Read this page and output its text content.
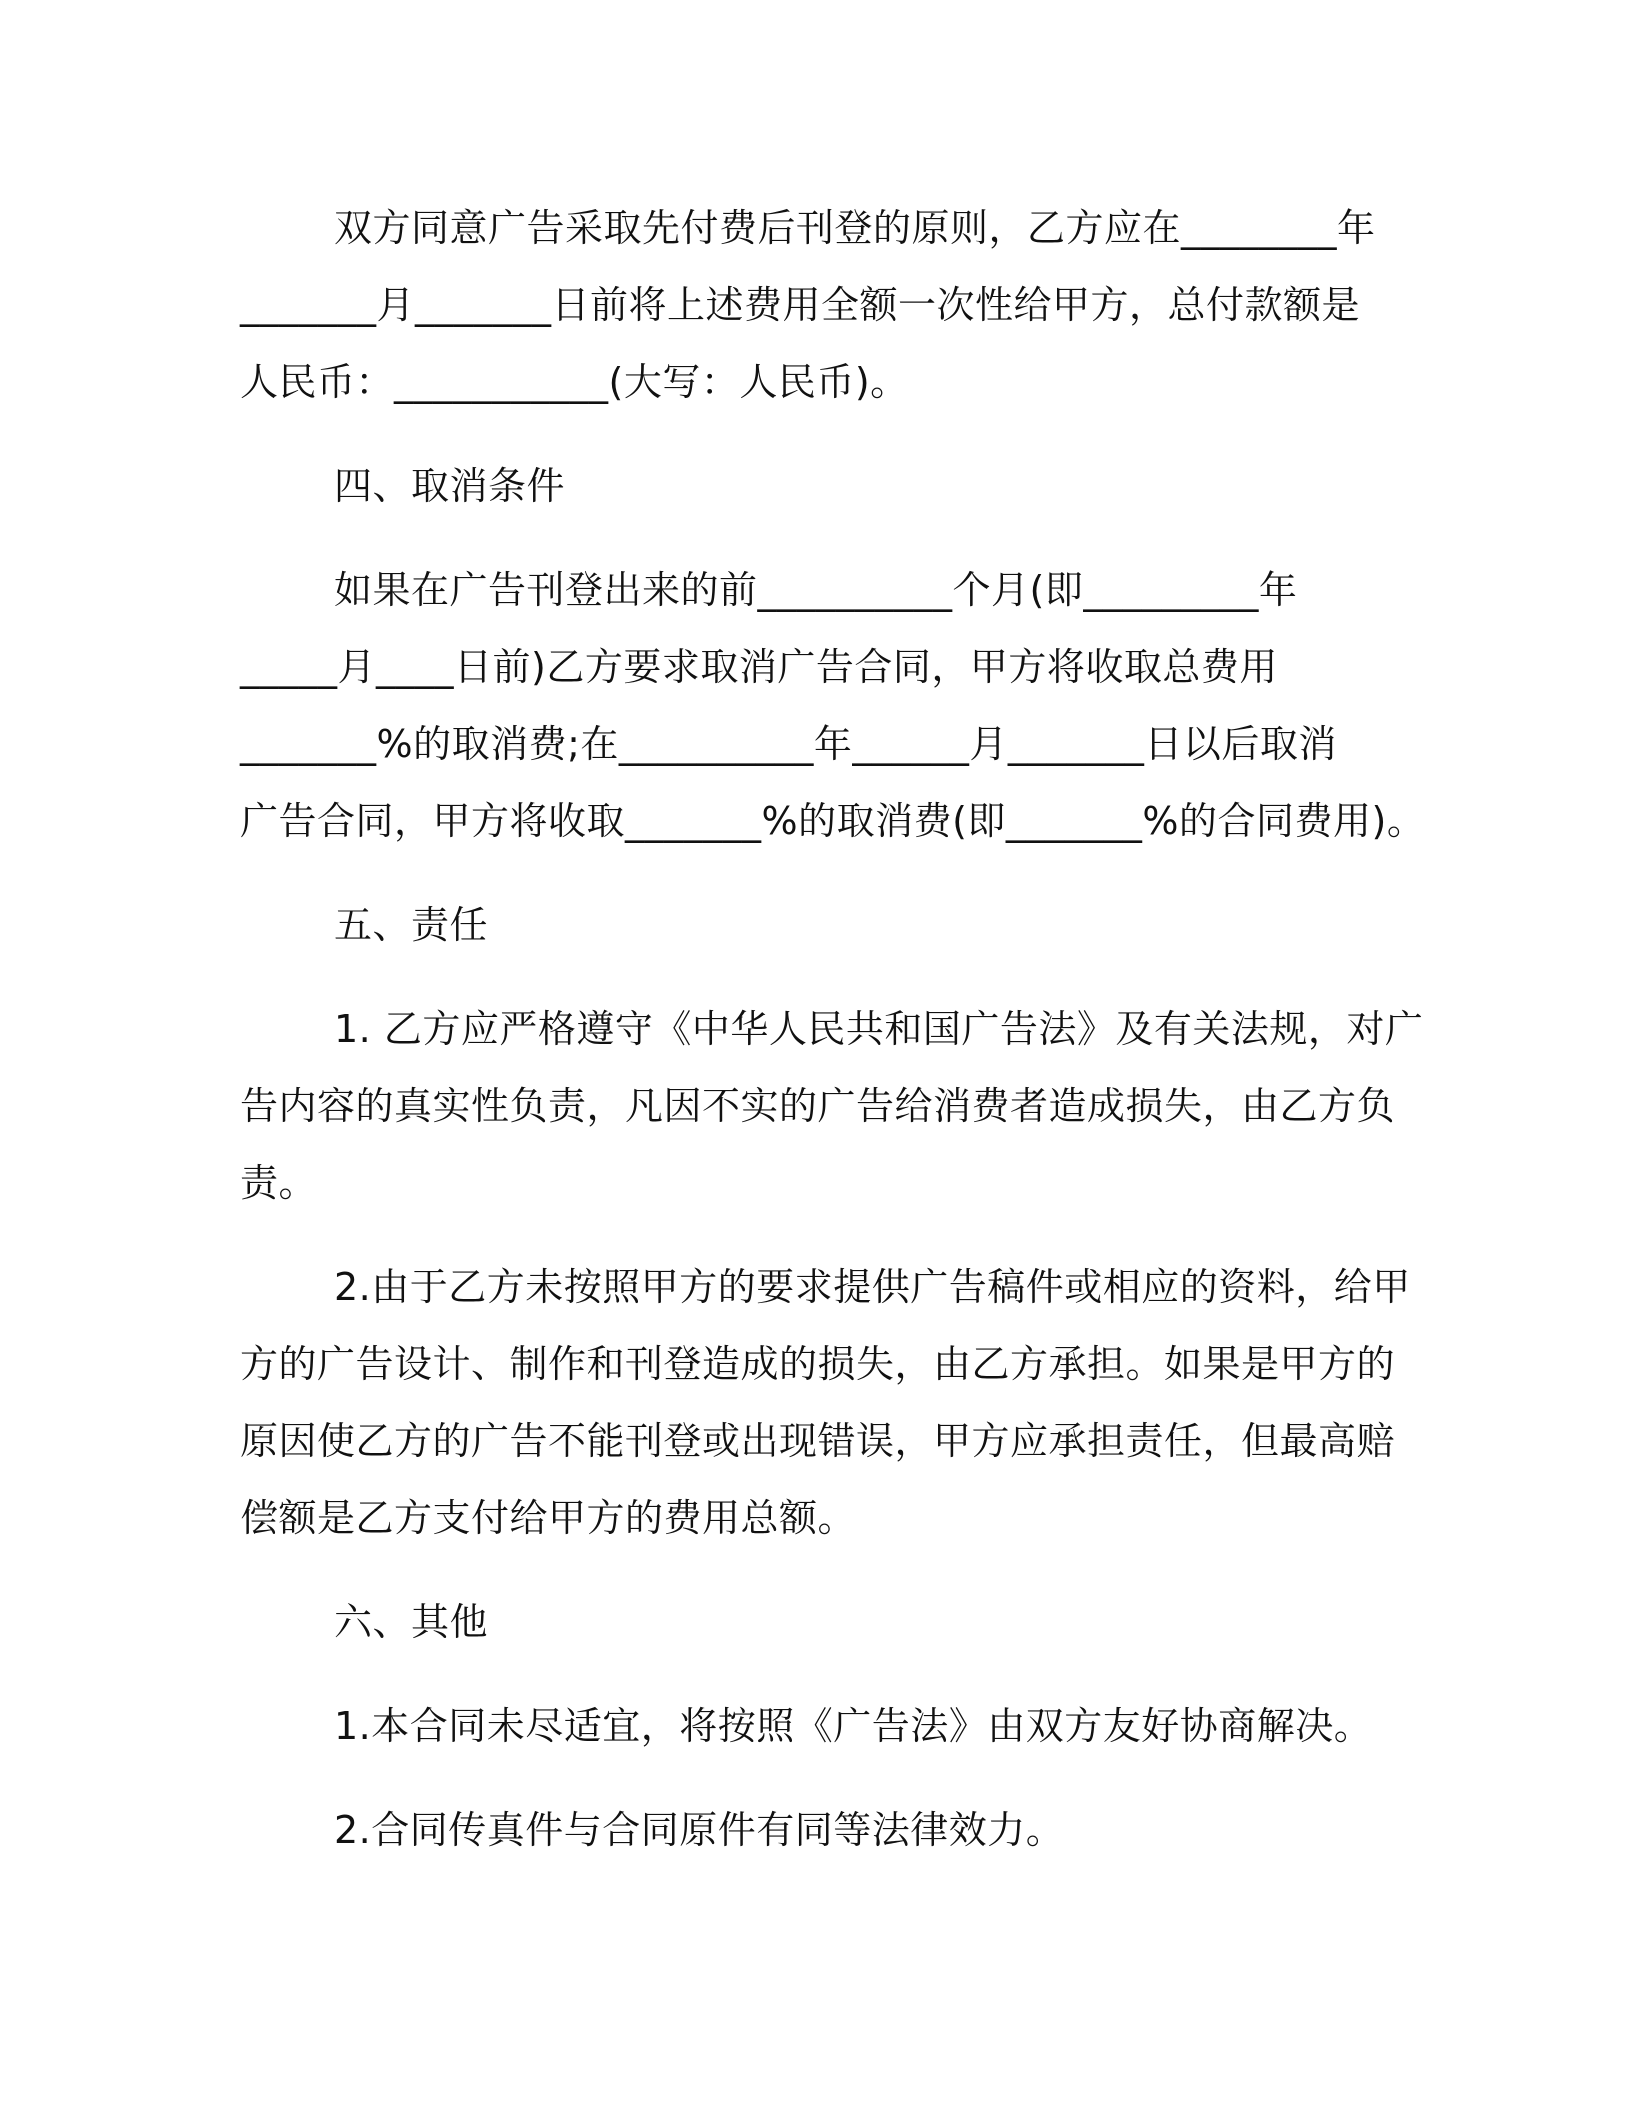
双方同意广告采取先付费后刊登的原则，乙方应在________年
_______月_______日前将上述费用全额一次性给甲方，总付款额是
人民币：___________(大写：人民币)。
四、取消条件
如果在广告刊登出来的前__________个月(即_________年
_____月____日前)乙方要求取消广告合同，甲方将收取总费用
_______%的取消费;在__________年______月_______日以后取消
广告合同，甲方将收取_______%的取消费(即_______%的合同费用)。
五、责任
1. 乙方应严格遵守《中华人民共和国广告法》及有关法规，对广
告内容的真实性负责，凡因不实的广告给消费者造成损失，由乙方负
责。
2.由于乙方未按照甲方的要求提供广告稿件或相应的资料，给甲
方的广告设计、制作和刊登造成的损失，由乙方承担。如果是甲方的
原因使乙方的广告不能刊登或出现错误，甲方应承担责任，但最高赔
偿额是乙方支付给甲方的费用总额。
六、其他
1.本合同未尽适宜，将按照《广告法》由双方友好协商解决。
2.合同传真件与合同原件有同等法律效力。
